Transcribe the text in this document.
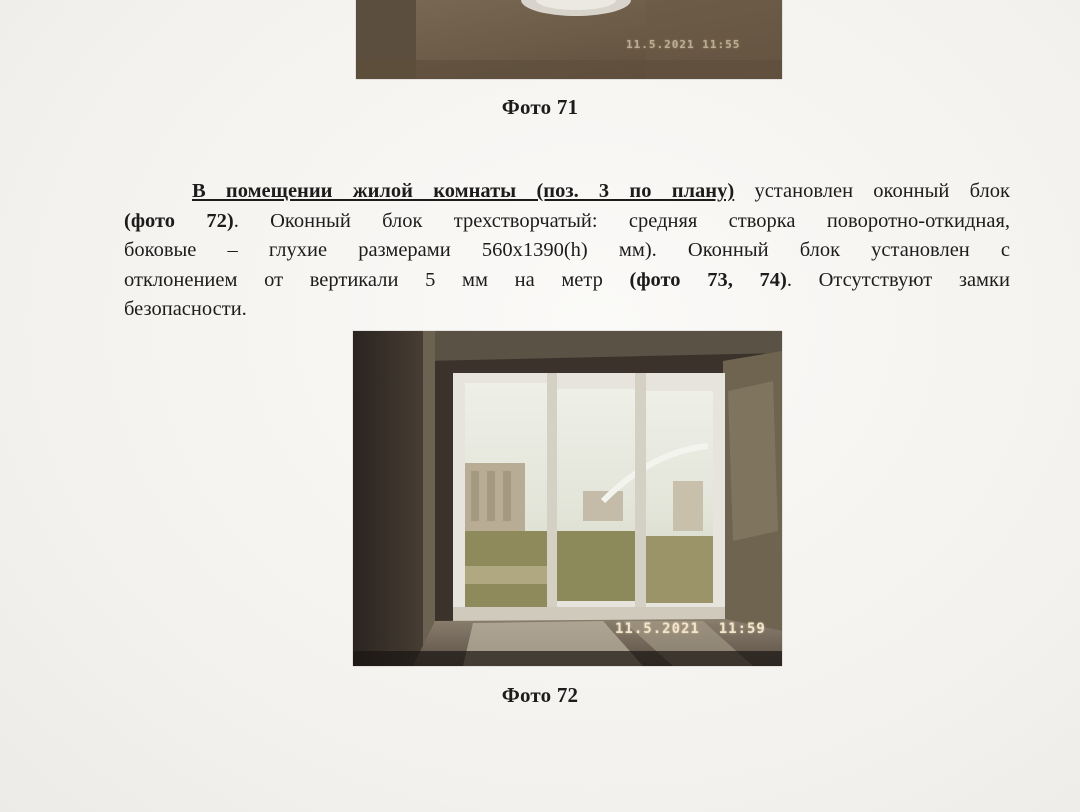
11.5.2021 11:55
Фото 71
В помещении жилой комнаты (поз. 3 по плану) установлен оконный блок
(фото 72). Оконный блок трехстворчатый: средняя створка поворотно-откидная,
боковые – глухие размерами 560x1390(h) мм). Оконный блок установлен с
отклонением от вертикали 5 мм на метр (фото 73, 74). Отсутствуют замки
безопасности.
11.5.2021  11:59
Фото 72
